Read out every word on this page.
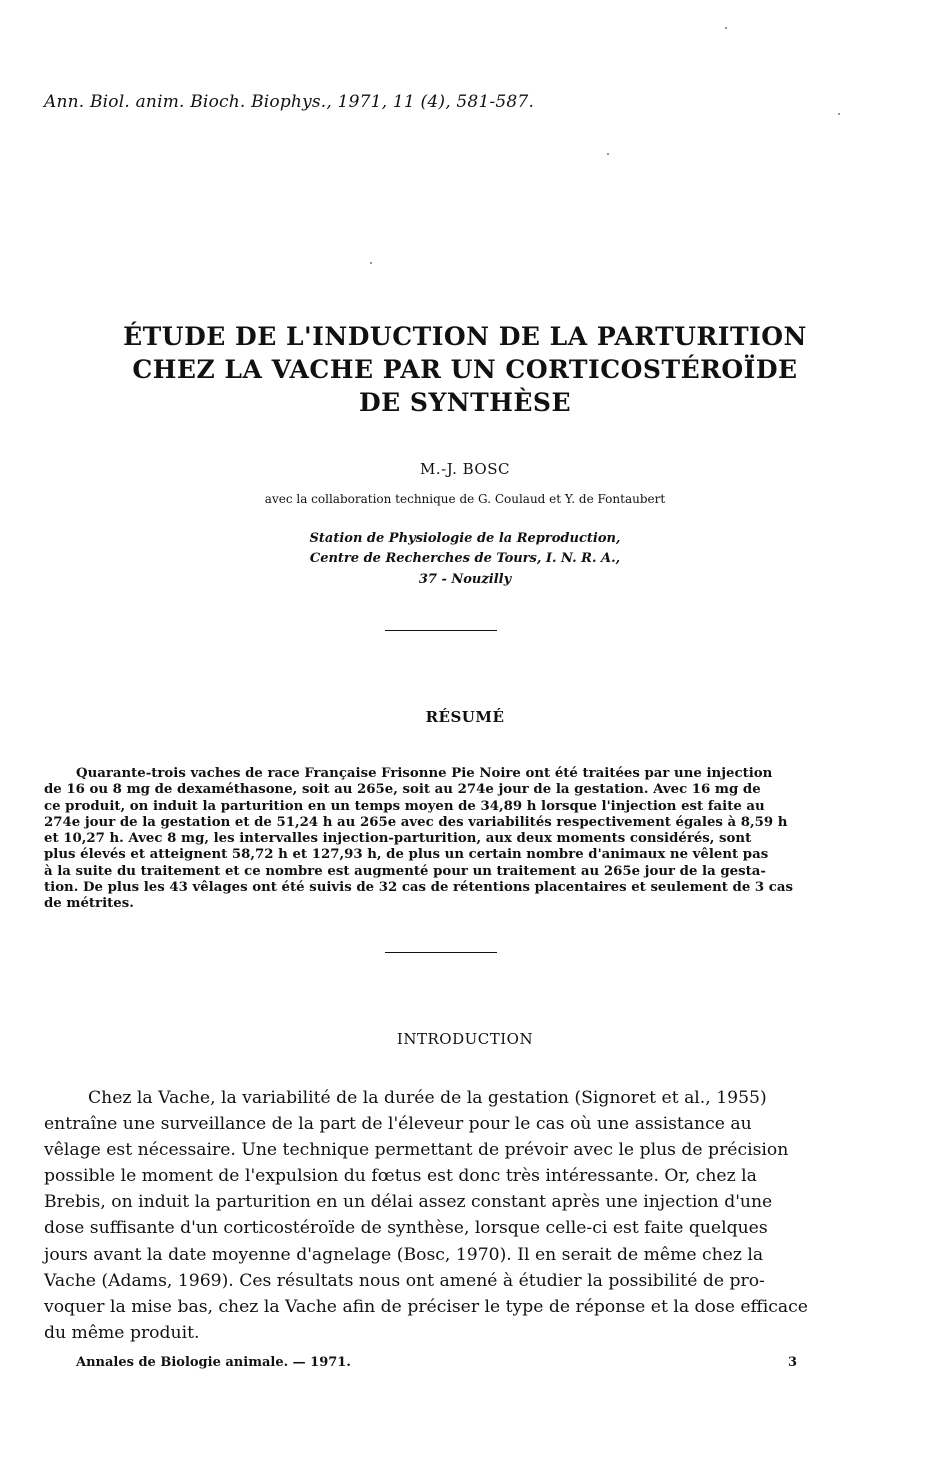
Ann. Biol. anim. Bioch. Biophys., 1971, 11 (4), 581-587.
ÉTUDE DE L'INDUCTION DE LA PARTURITION
CHEZ LA VACHE PAR UN CORTICOSTÉROÏDE
DE SYNTHÈSE
M.-J. BOSC
avec la collaboration technique de G. Coulaud et Y. de Fontaubert
Station de Physiologie de la Reproduction,
Centre de Recherches de Tours, I. N. R. A.,
37 - Nouzilly
RÉSUMÉ
Quarante-trois vaches de race Française Frisonne Pie Noire ont été traitées par une injection
de 16 ou 8 mg de dexaméthasone, soit au 265e, soit au 274e jour de la gestation. Avec 16 mg de
ce produit, on induit la parturition en un temps moyen de 34,89 h lorsque l'injection est faite au
274e jour de la gestation et de 51,24 h au 265e avec des variabilités respectivement égales à 8,59 h
et 10,27 h. Avec 8 mg, les intervalles injection-parturition, aux deux moments considérés, sont
plus élevés et atteignent 58,72 h et 127,93 h, de plus un certain nombre d'animaux ne vêlent pas
à la suite du traitement et ce nombre est augmenté pour un traitement au 265e jour de la gesta-
tion. De plus les 43 vêlages ont été suivis de 32 cas de rétentions placentaires et seulement de 3 cas
de métrites.
INTRODUCTION
Chez la Vache, la variabilité de la durée de la gestation (Signoret et al., 1955)
entraîne une surveillance de la part de l'éleveur pour le cas où une assistance au
vêlage est nécessaire. Une technique permettant de prévoir avec le plus de précision
possible le moment de l'expulsion du fœtus est donc très intéressante. Or, chez la
Brebis, on induit la parturition en un délai assez constant après une injection d'une
dose suffisante d'un corticostéroïde de synthèse, lorsque celle-ci est faite quelques
jours avant la date moyenne d'agnelage (Bosc, 1970). Il en serait de même chez la
Vache (Adams, 1969). Ces résultats nous ont amené à étudier la possibilité de pro-
voquer la mise bas, chez la Vache afin de préciser le type de réponse et la dose efficace
du même produit.
Annales de Biologie animale. — 1971.	3
